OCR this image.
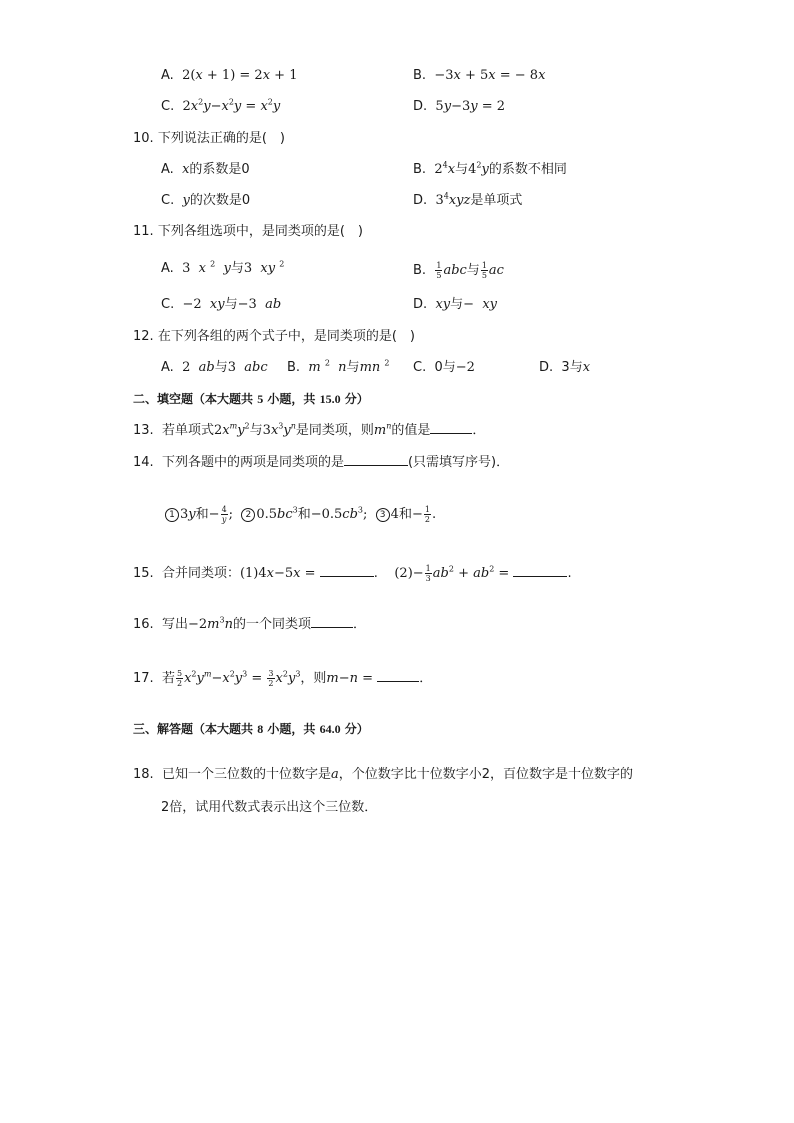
A.  2(x + 1) = 2x + 1	B.  −3x + 5x = − 8x
C.  $2x^2y-x^2y = x^2y$	D.  5y−3y = 2
10. 下列说法正确的是(　)
A. x的系数是0	B. $2^4x$与$4^2y$的系数不相同
C. y的次数是0	D. $3^4xyz$是单项式
11. 下列各组选项中，是同类项的是(　)
A.  3  x $^2$ y与3  xy $^2$	B. $\frac{1}{5}$ abc与 $\frac{1}{5}$ ac
C.  −2  xy与−3  ab	D. xy与−  xy
12. 在下列各组的两个式子中，是同类项的是(　)
A.  2  ab与3  abc B. m $^2$ n与mn $^2$ C.  0与−2	D.  3与x
二、填空题（本大题共 5 小题，共 15.0 分）
13.  若单项式$2x^my^2$与$3x^3y^n$是同类项，则$m^n$的值是	．
14.  下列各题中的两项是同类项的是	(只需填写序号)．
1 3y和− $\frac{4}{y}$ ;  2 $0.5bc^3$和$-0.5cb^3$;  3 4和− $\frac{1}{2}$ .
15.  合并同类项：(1)4x−5x =	.    $(2)- \frac{1}{3} ab^2 + ab^2$ =	.
16.  写出$-2m^3n$的一个同类项	．
17.  若 $\frac{5}{2} x^2y^m-x^2y^3 = \frac{3}{2} x^2y^3$，则m−n =	．
三、解答题（本大题共 8 小题，共 64.0 分）
18.  已知一个三位数的十位数字是a，个位数字比十位数字小2，百位数字是十位数字的
2倍，试用代数式表示出这个三位数．
